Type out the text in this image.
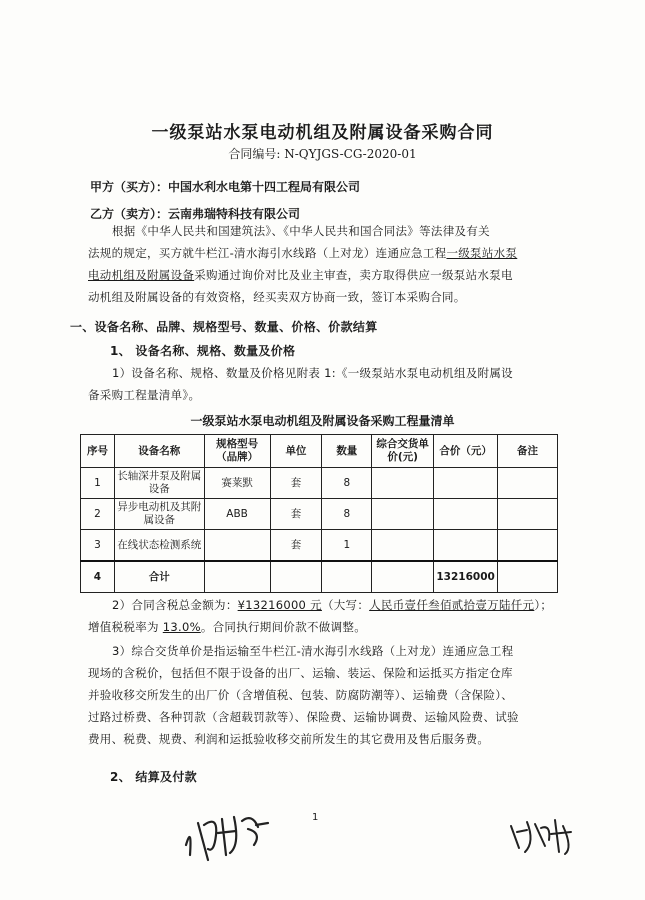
一级泵站水泵电动机组及附属设备采购合同
合同编号: N-QYJGS-CG-2020-01
甲方（买方）：中国水利水电第十四工程局有限公司
乙方（卖方）：云南弗瑞特科技有限公司
根据《中华人民共和国建筑法》、《中华人民共和国合同法》等法律及有关
法规的规定，买方就牛栏江-清水海引水线路（上对龙）连通应急工程一级泵站水泵
电动机组及附属设备采购通过询价对比及业主审查，卖方取得供应一级泵站水泵电
动机组及附属设备的有效资格，经买卖双方协商一致，签订本采购合同。
一、设备名称、品牌、规格型号、数量、价格、价款结算
1、 设备名称、规格、数量及价格
1）设备名称、规格、数量及价格见附表 1:《一级泵站水泵电动机组及附属设
备采购工程量清单》。
一级泵站水泵电动机组及附属设备采购工程量清单
序号	设备名称	规格型号（品牌）	单位	数量	综合交货单价(元)	合价（元）	备注
1	长轴深井泵及附属设备	赛莱默	套	8			
2	异步电动机及其附属设备	ABB	套	8			
3	在线状态检测系统		套	1			
4	合计					13216000	
2）合同含税总金额为：¥13216000 元（大写：人民币壹仟叁佰贰拾壹万陆仟元）；
增值税税率为 13.0%。合同执行期间价款不做调整。
3）综合交货单价是指运输至牛栏江-清水海引水线路（上对龙）连通应急工程
现场的含税价，包括但不限于设备的出厂、运输、装运、保险和运抵买方指定仓库
并验收移交所发生的出厂价（含增值税、包装、防腐防潮等）、运输费（含保险）、
过路过桥费、各种罚款（含超载罚款等）、保险费、运输协调费、运输风险费、试验
费用、税费、规费、利润和运抵验收移交前所发生的其它费用及售后服务费。
2、 结算及付款
1
